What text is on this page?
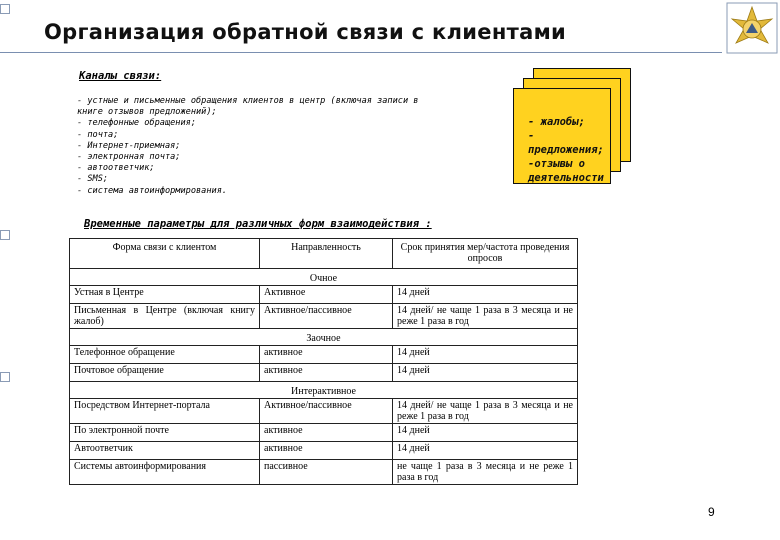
Организация обратной связи с клиентами
Каналы связи:
- устные и письменные обращения клиентов в центр (включая записи в
книге отзывов предложений);
- телефонные обращения;
- почта;
- Интернет-приемная;
- электронная почта;
- автоответчик;
- SMS;
- система автоинформирования.
- жалобы;
- предложения;
-отзывы о
деятельности
Временные параметры для различных форм взаимодействия :
Форма связи с клиентом	Направленность	Срок принятия мер/частота проведения опросов
Очное		
Устная в Центре	Активное	14 дней
Письменная в Центре (включая книгу жалоб)	Активное/пассивное	14 дней/ не чаще 1 раза в 3 месяца и не реже 1 раза в год
Заочное		
Телефонное обращение	активное	14 дней
Почтовое обращение	активное	14 дней
Интерактивное		
Посредством Интернет-портала	Активное/пассивное	14 дней/ не чаще 1 раза в 3 месяца и не реже 1 раза в год
По электронной почте	активное	14 дней
Автоответчик	активное	14 дней
Системы автоинформирования	пассивное	не чаще 1 раза в 3 месяца и не реже 1 раза в год
9
